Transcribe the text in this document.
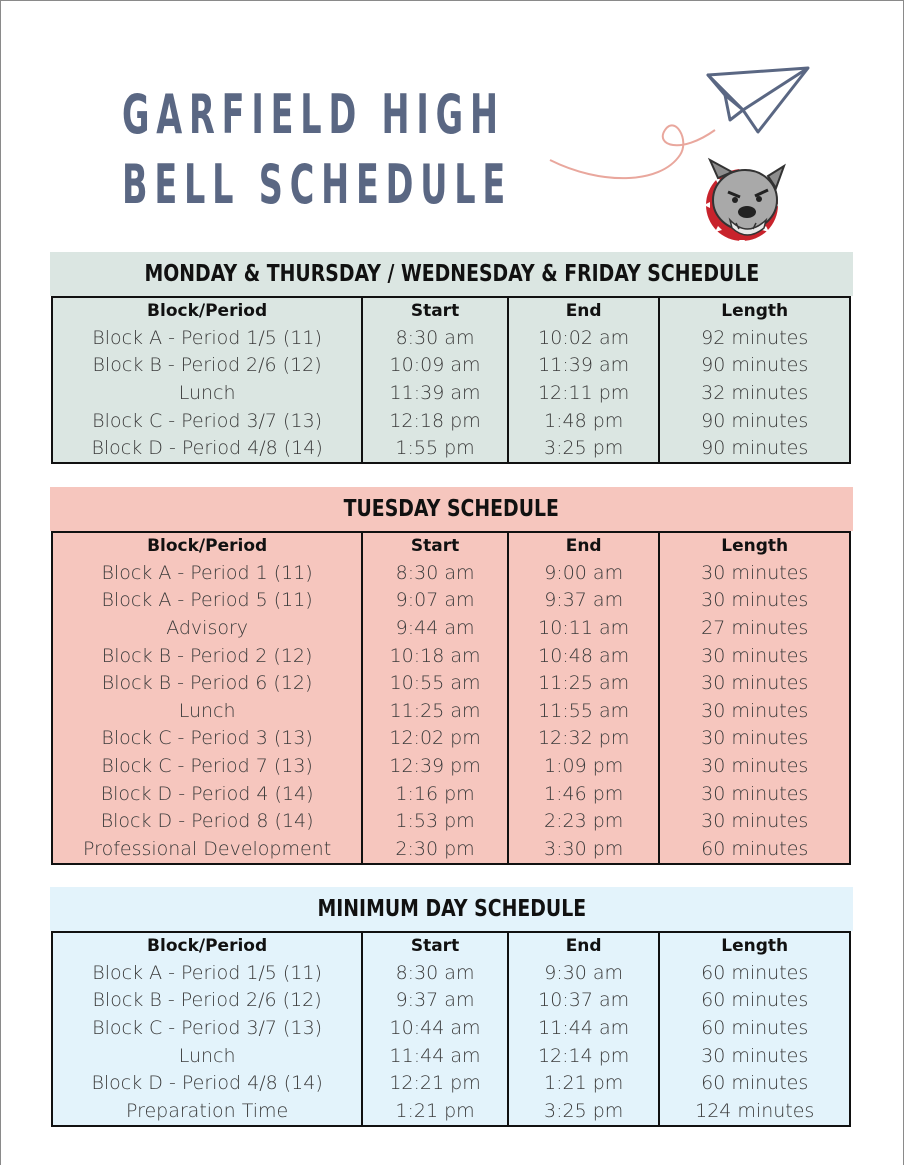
GARFIELD HIGH
BELL SCHEDULE
MONDAY & THURSDAY / WEDNESDAY & FRIDAY SCHEDULE
Block/Period	Start	End	Length
Block A - Period 1/5 (11)	8:30 am	10:02 am	92 minutes
Block B - Period 2/6 (12)	10:09 am	11:39 am	90 minutes
Lunch	11:39 am	12:11 pm	32 minutes
Block C - Period 3/7 (13)	12:18 pm	1:48 pm	90 minutes
Block D - Period 4/8 (14)	1:55 pm	3:25 pm	90 minutes
TUESDAY SCHEDULE
Block/Period	Start	End	Length
Block A - Period 1 (11)	8:30 am	9:00 am	30 minutes
Block A - Period 5 (11)	9:07 am	9:37 am	30 minutes
Advisory	9:44 am	10:11 am	27 minutes
Block B - Period 2 (12)	10:18 am	10:48 am	30 minutes
Block B - Period 6 (12)	10:55 am	11:25 am	30 minutes
Lunch	11:25 am	11:55 am	30 minutes
Block C - Period 3 (13)	12:02 pm	12:32 pm	30 minutes
Block C - Period 7 (13)	12:39 pm	1:09 pm	30 minutes
Block D - Period 4 (14)	1:16 pm	1:46 pm	30 minutes
Block D - Period 8 (14)	1:53 pm	2:23 pm	30 minutes
Professional Development	2:30 pm	3:30 pm	60 minutes
MINIMUM DAY SCHEDULE
Block/Period	Start	End	Length
Block A - Period 1/5 (11)	8:30 am	9:30 am	60 minutes
Block B - Period 2/6 (12)	9:37 am	10:37 am	60 minutes
Block C - Period 3/7 (13)	10:44 am	11:44 am	60 minutes
Lunch	11:44 am	12:14 pm	30 minutes
Block D - Period 4/8 (14)	12:21 pm	1:21 pm	60 minutes
Preparation Time	1:21 pm	3:25 pm	124 minutes
